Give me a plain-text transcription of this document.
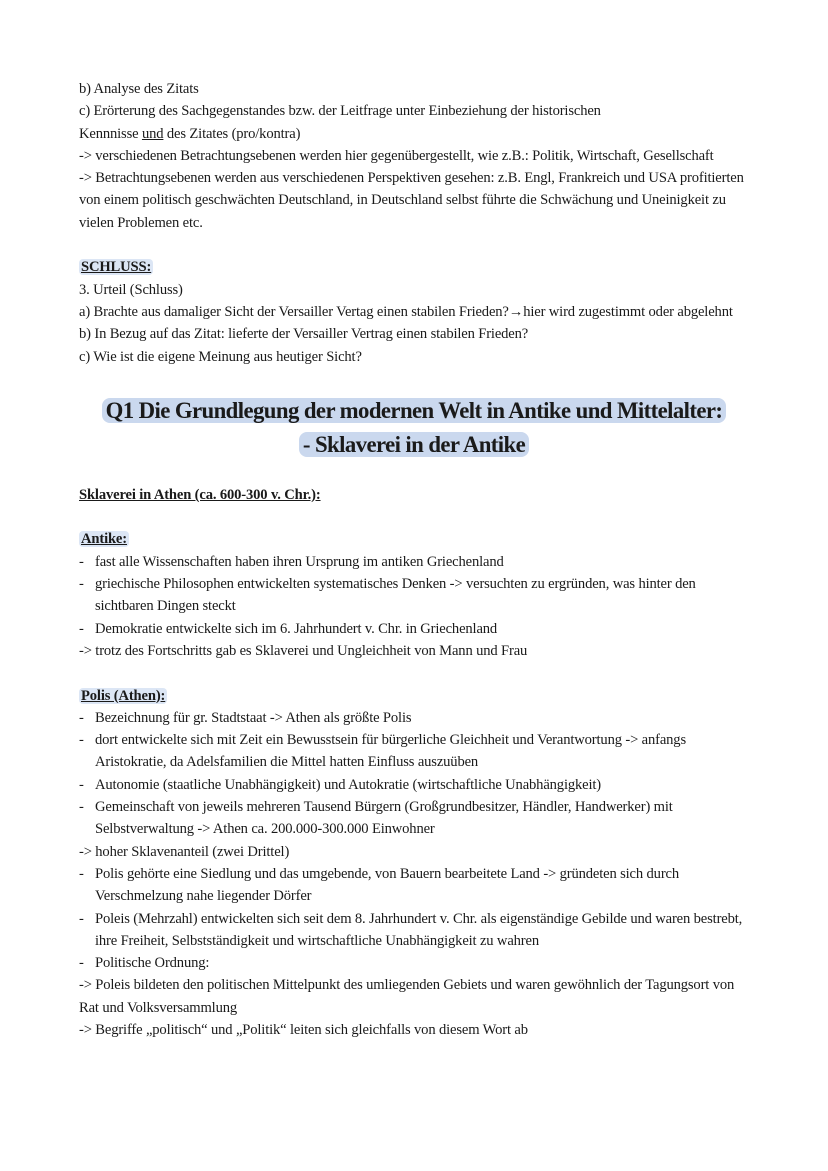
b) Analyse des Zitats

c) Erörterung des Sachgegenstandes bzw. der Leitfrage unter Einbeziehung der historischen

Kennnisse und des Zitates (pro/kontra)

-> verschiedenen Betrachtungsebenen werden hier gegenübergestellt, wie z.B.: Politik, Wirtschaft, Gesellschaft

-> Betrachtungsebenen werden aus verschiedenen Perspektiven gesehen: z.B. Engl, Frankreich und USA profitierten von einem politisch geschwächten Deutschland, in Deutschland selbst führte die Schwächung und Uneinigkeit zu vielen Problemen etc.

SCHLUSS:

3. Urteil (Schluss)

a) Brachte aus damaliger Sicht der Versailler Vertag einen stabilen Frieden?→hier wird zugestimmt oder abgelehnt

b) In Bezug auf das Zitat: lieferte der Versailler Vertrag einen stabilen Frieden?

c) Wie ist die eigene Meinung aus heutiger Sicht?

Q1 Die Grundlegung der modernen Welt in Antike und Mittelalter:
- Sklaverei in der Antike

Sklaverei in Athen (ca. 600-300 v. Chr.):

Antike:

- fast alle Wissenschaften haben ihren Ursprung im antiken Griechenland
- griechische Philosophen entwickelten systematisches Denken -> versuchten zu ergründen, was hinter den sichtbaren Dingen steckt
- Demokratie entwickelte sich im 6. Jahrhundert v. Chr. in Griechenland

-> trotz des Fortschritts gab es Sklaverei und Ungleichheit von Mann und Frau

Polis (Athen):

- Bezeichnung für gr. Stadtstaat -> Athen als größte Polis
- dort entwickelte sich mit Zeit ein Bewusstsein für bürgerliche Gleichheit und Verantwortung -> anfangs Aristokratie, da Adelsfamilien die Mittel hatten Einfluss auszuüben
- Autonomie (staatliche Unabhängigkeit) und Autokratie (wirtschaftliche Unabhängigkeit)
- Gemeinschaft von jeweils mehreren Tausend Bürgern (Großgrundbesitzer, Händler, Handwerker) mit Selbstverwaltung -> Athen ca. 200.000-300.000 Einwohner

-> hoher Sklavenanteil (zwei Drittel)

- Polis gehörte eine Siedlung und das umgebende, von Bauern bearbeitete Land -> gründeten sich durch Verschmelzung nahe liegender Dörfer
- Poleis (Mehrzahl) entwickelten sich seit dem 8. Jahrhundert v. Chr. als eigenständige Gebilde und waren bestrebt, ihre Freiheit, Selbstständigkeit und wirtschaftliche Unabhängigkeit zu wahren
- Politische Ordnung:

-> Poleis bildeten den politischen Mittelpunkt des umliegenden Gebiets und waren gewöhnlich der Tagungsort von Rat und Volksversammlung

-> Begriffe „politisch“ und „Politik“ leiten sich gleichfalls von diesem Wort ab
